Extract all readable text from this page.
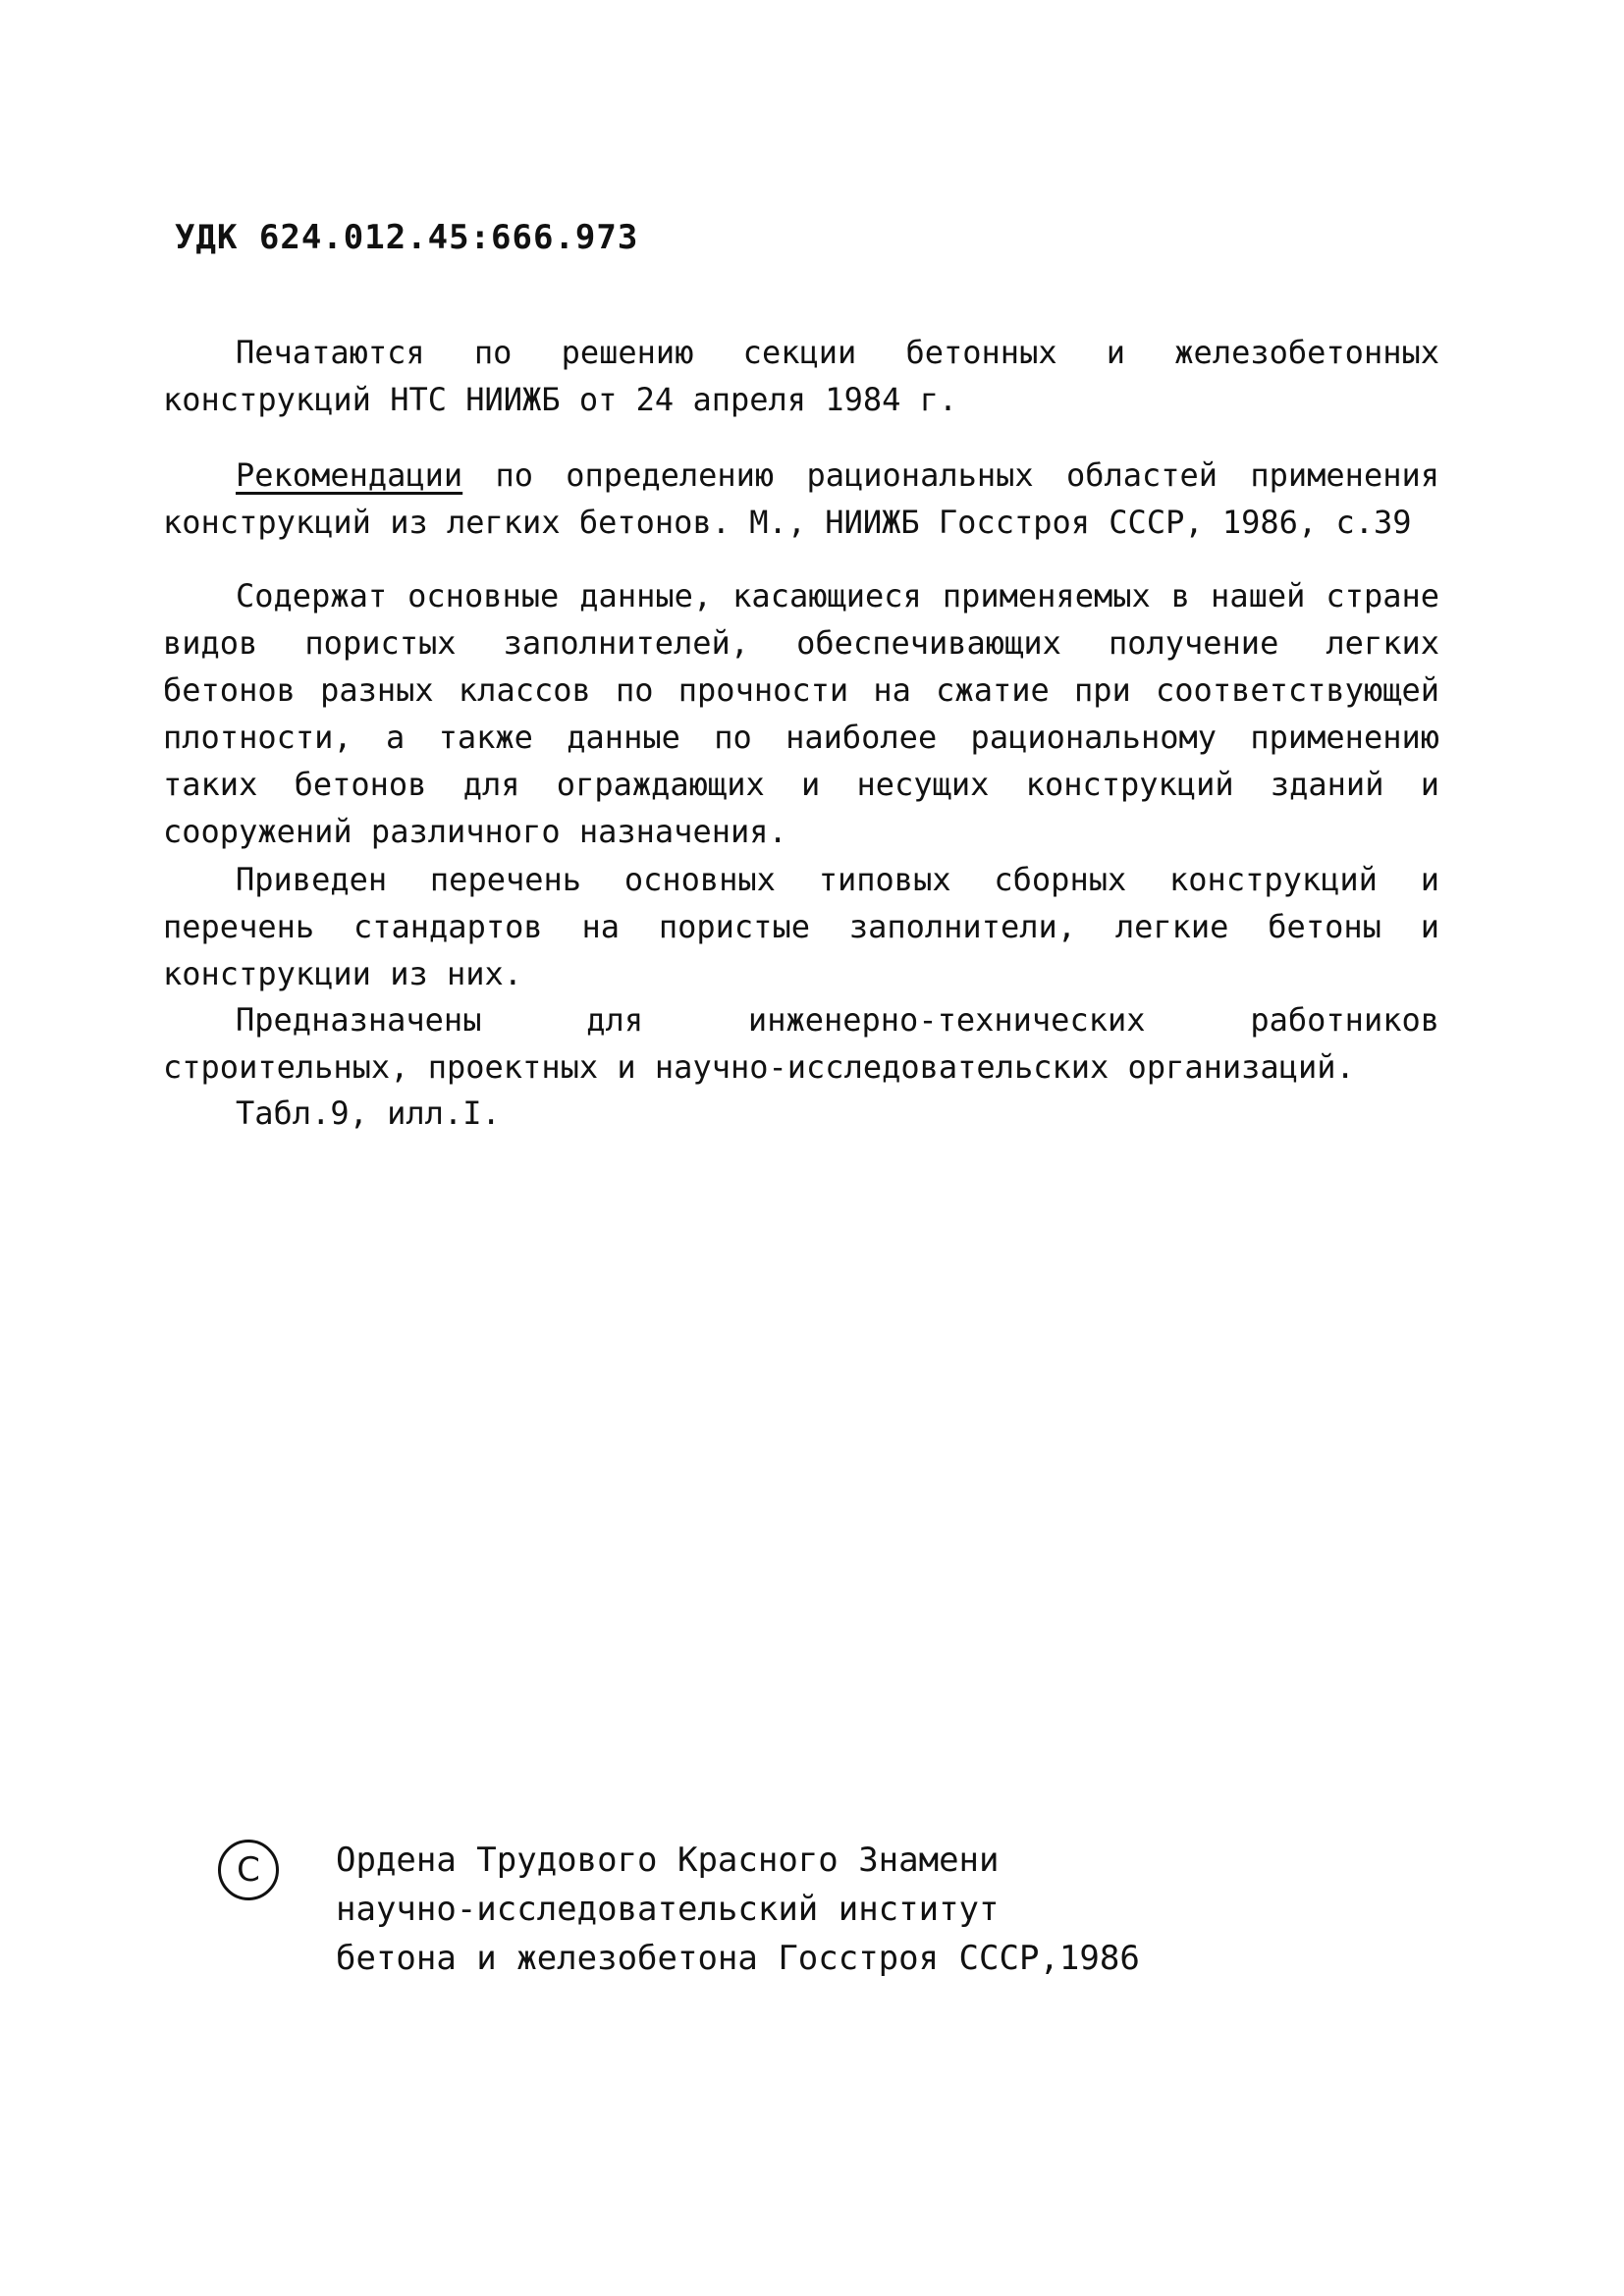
УДК 624.012.45:666.973

Печатаются по решению секции бетонных и железобетонных конструкций НТС НИИЖБ от 24 апреля 1984 г.

Рекомендации по определению рациональных областей применения конструкций из легких бетонов. М., НИИЖБ Госстроя СССР, 1986, с.39

Содержат основные данные, касающиеся применяемых в нашей стране видов пористых заполнителей, обеспечивающих получение легких бетонов разных классов по прочности на сжатие при соответствующей плотности, а также данные по наиболее рациональному применению таких бетонов для ограждающих и несущих конструкций зданий и сооружений различного назначения.

Приведен перечень основных типовых сборных конструкций и перечень стандартов на пористые заполнители, легкие бетоны и конструкции из них.

Предназначены для инженерно-технических работников строительных, проектных и научно-исследовательских организаций.

Табл.9, илл.I.

C	Ордена Трудового Красного Знамени
научно-исследовательский институт
бетона и железобетона Госстроя СССР,1986
